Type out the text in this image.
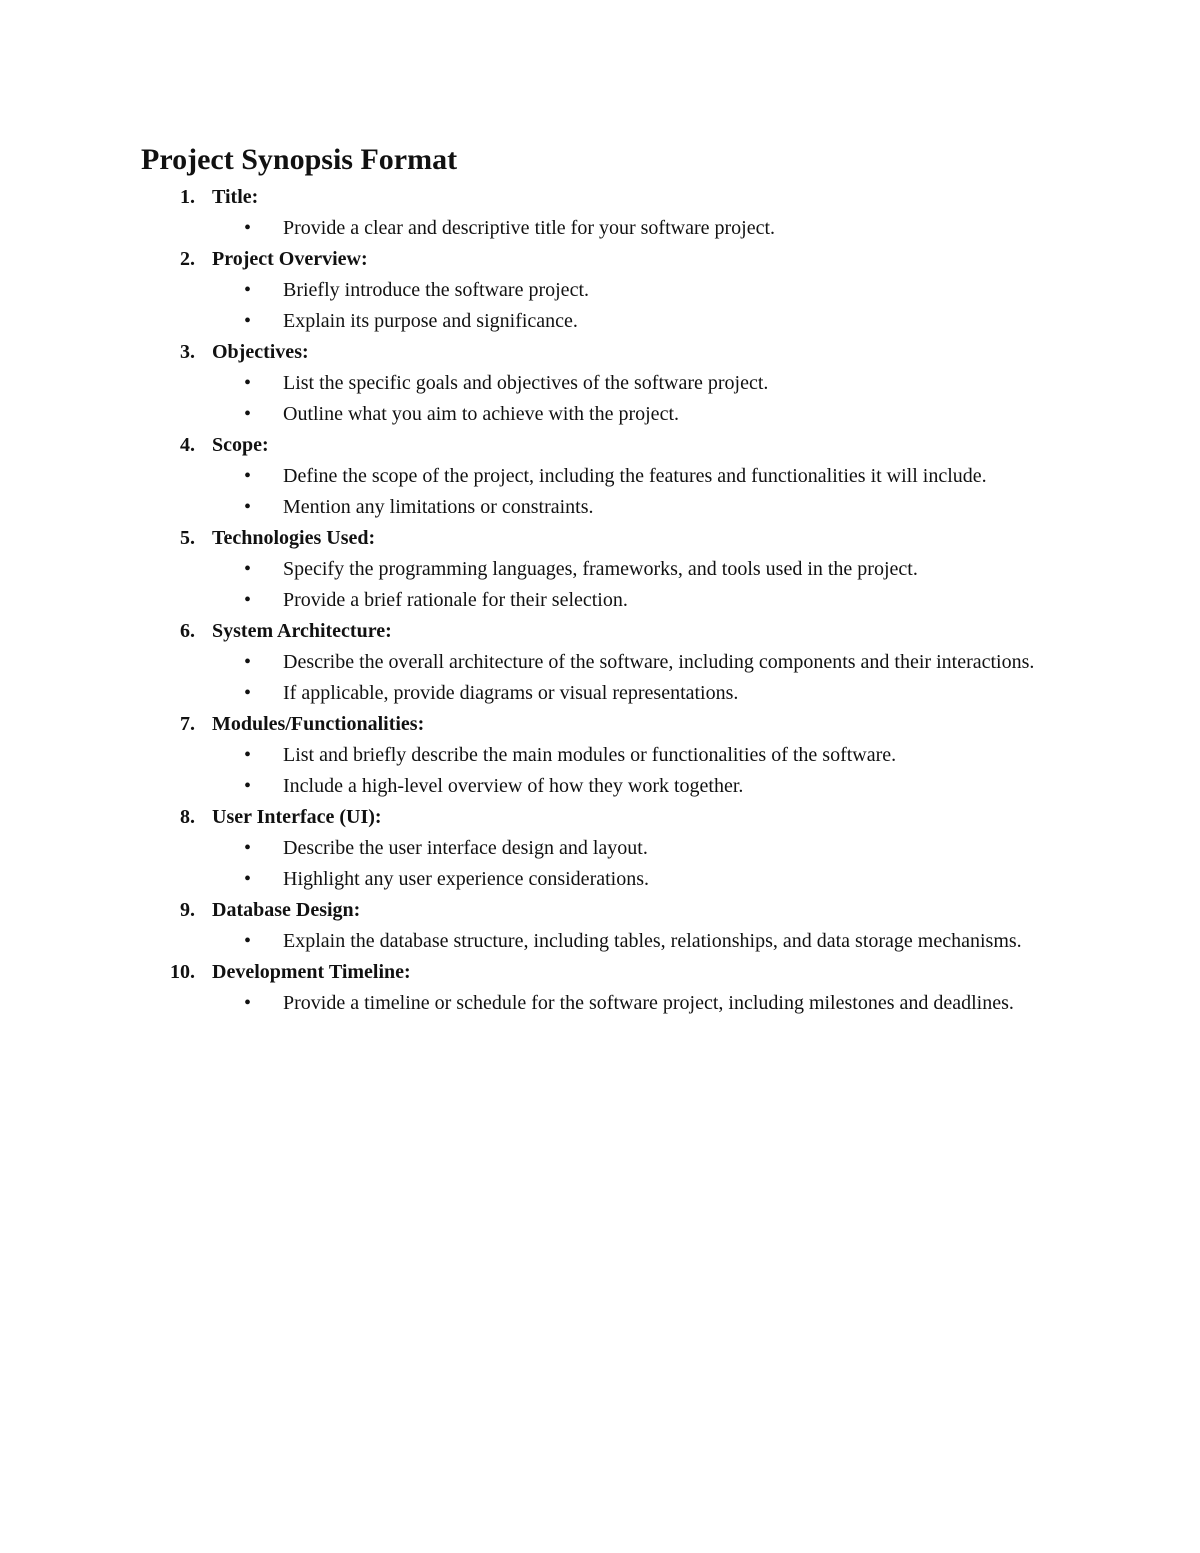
Project Synopsis Format
1. Title:
•	Provide a clear and descriptive title for your software project.
2. Project Overview:
•	Briefly introduce the software project.
•	Explain its purpose and significance.
3. Objectives:
•	List the specific goals and objectives of the software project.
•	Outline what you aim to achieve with the project.
4. Scope:
•	Define the scope of the project, including the features and functionalities it will include.
•	Mention any limitations or constraints.
5. Technologies Used:
•	Specify the programming languages, frameworks, and tools used in the project.
•	Provide a brief rationale for their selection.
6. System Architecture:
•	Describe the overall architecture of the software, including components and their interactions.
•	If applicable, provide diagrams or visual representations.
7. Modules/Functionalities:
•	List and briefly describe the main modules or functionalities of the software.
•	Include a high-level overview of how they work together.
8. User Interface (UI):
•	Describe the user interface design and layout.
•	Highlight any user experience considerations.
9. Database Design:
•	Explain the database structure, including tables, relationships, and data storage mechanisms.
10. Development Timeline:
•	Provide a timeline or schedule for the software project, including milestones and deadlines.
